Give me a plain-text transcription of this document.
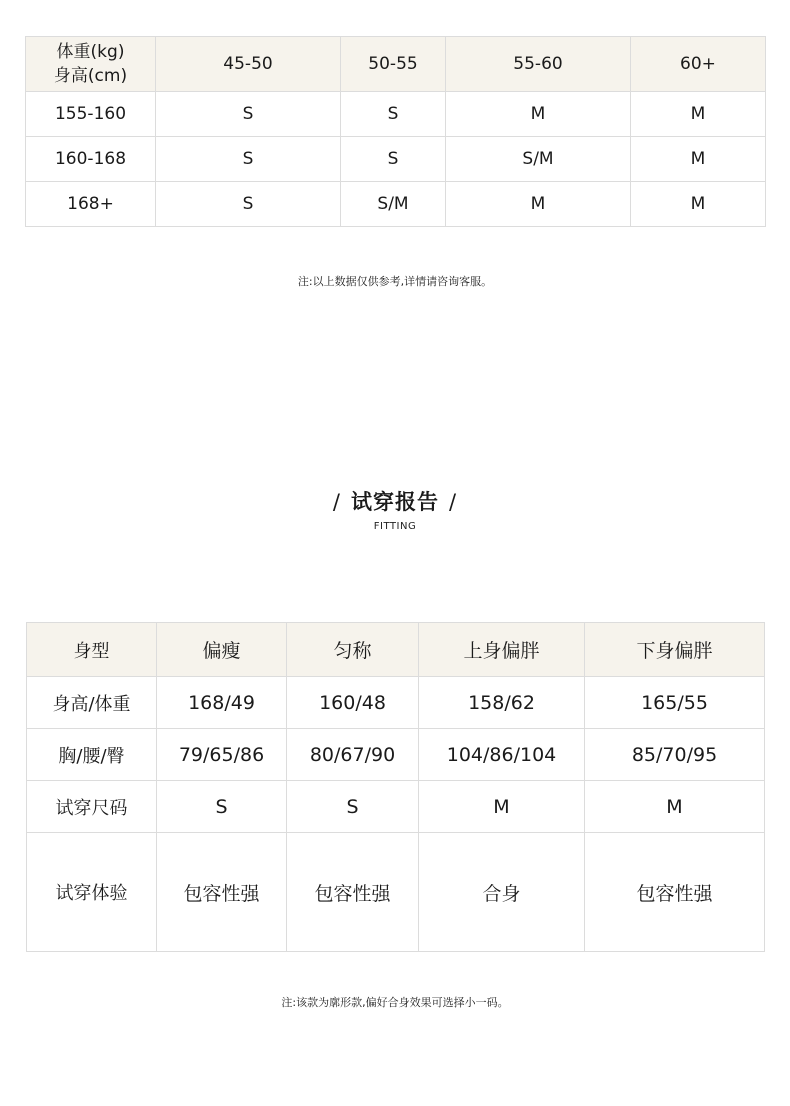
体重(kg)
身高(cm)	45-50	50-55	55-60	60+
155-160	S	S	M	M
160-168	S	S	S/M	M
168+	S	S/M	M	M
注:以上数据仅供参考,详情请咨询客服。
/ 试穿报告 /
FITTING
身型	偏瘦	匀称	上身偏胖	下身偏胖
身高/体重	168/49	160/48	158/62	165/55
胸/腰/臀	79/65/86	80/67/90	104/86/104	85/70/95
试穿尺码	S	S	M	M
试穿体验	包容性强	包容性强	合身	包容性强
注:该款为廓形款,偏好合身效果可选择小一码。
